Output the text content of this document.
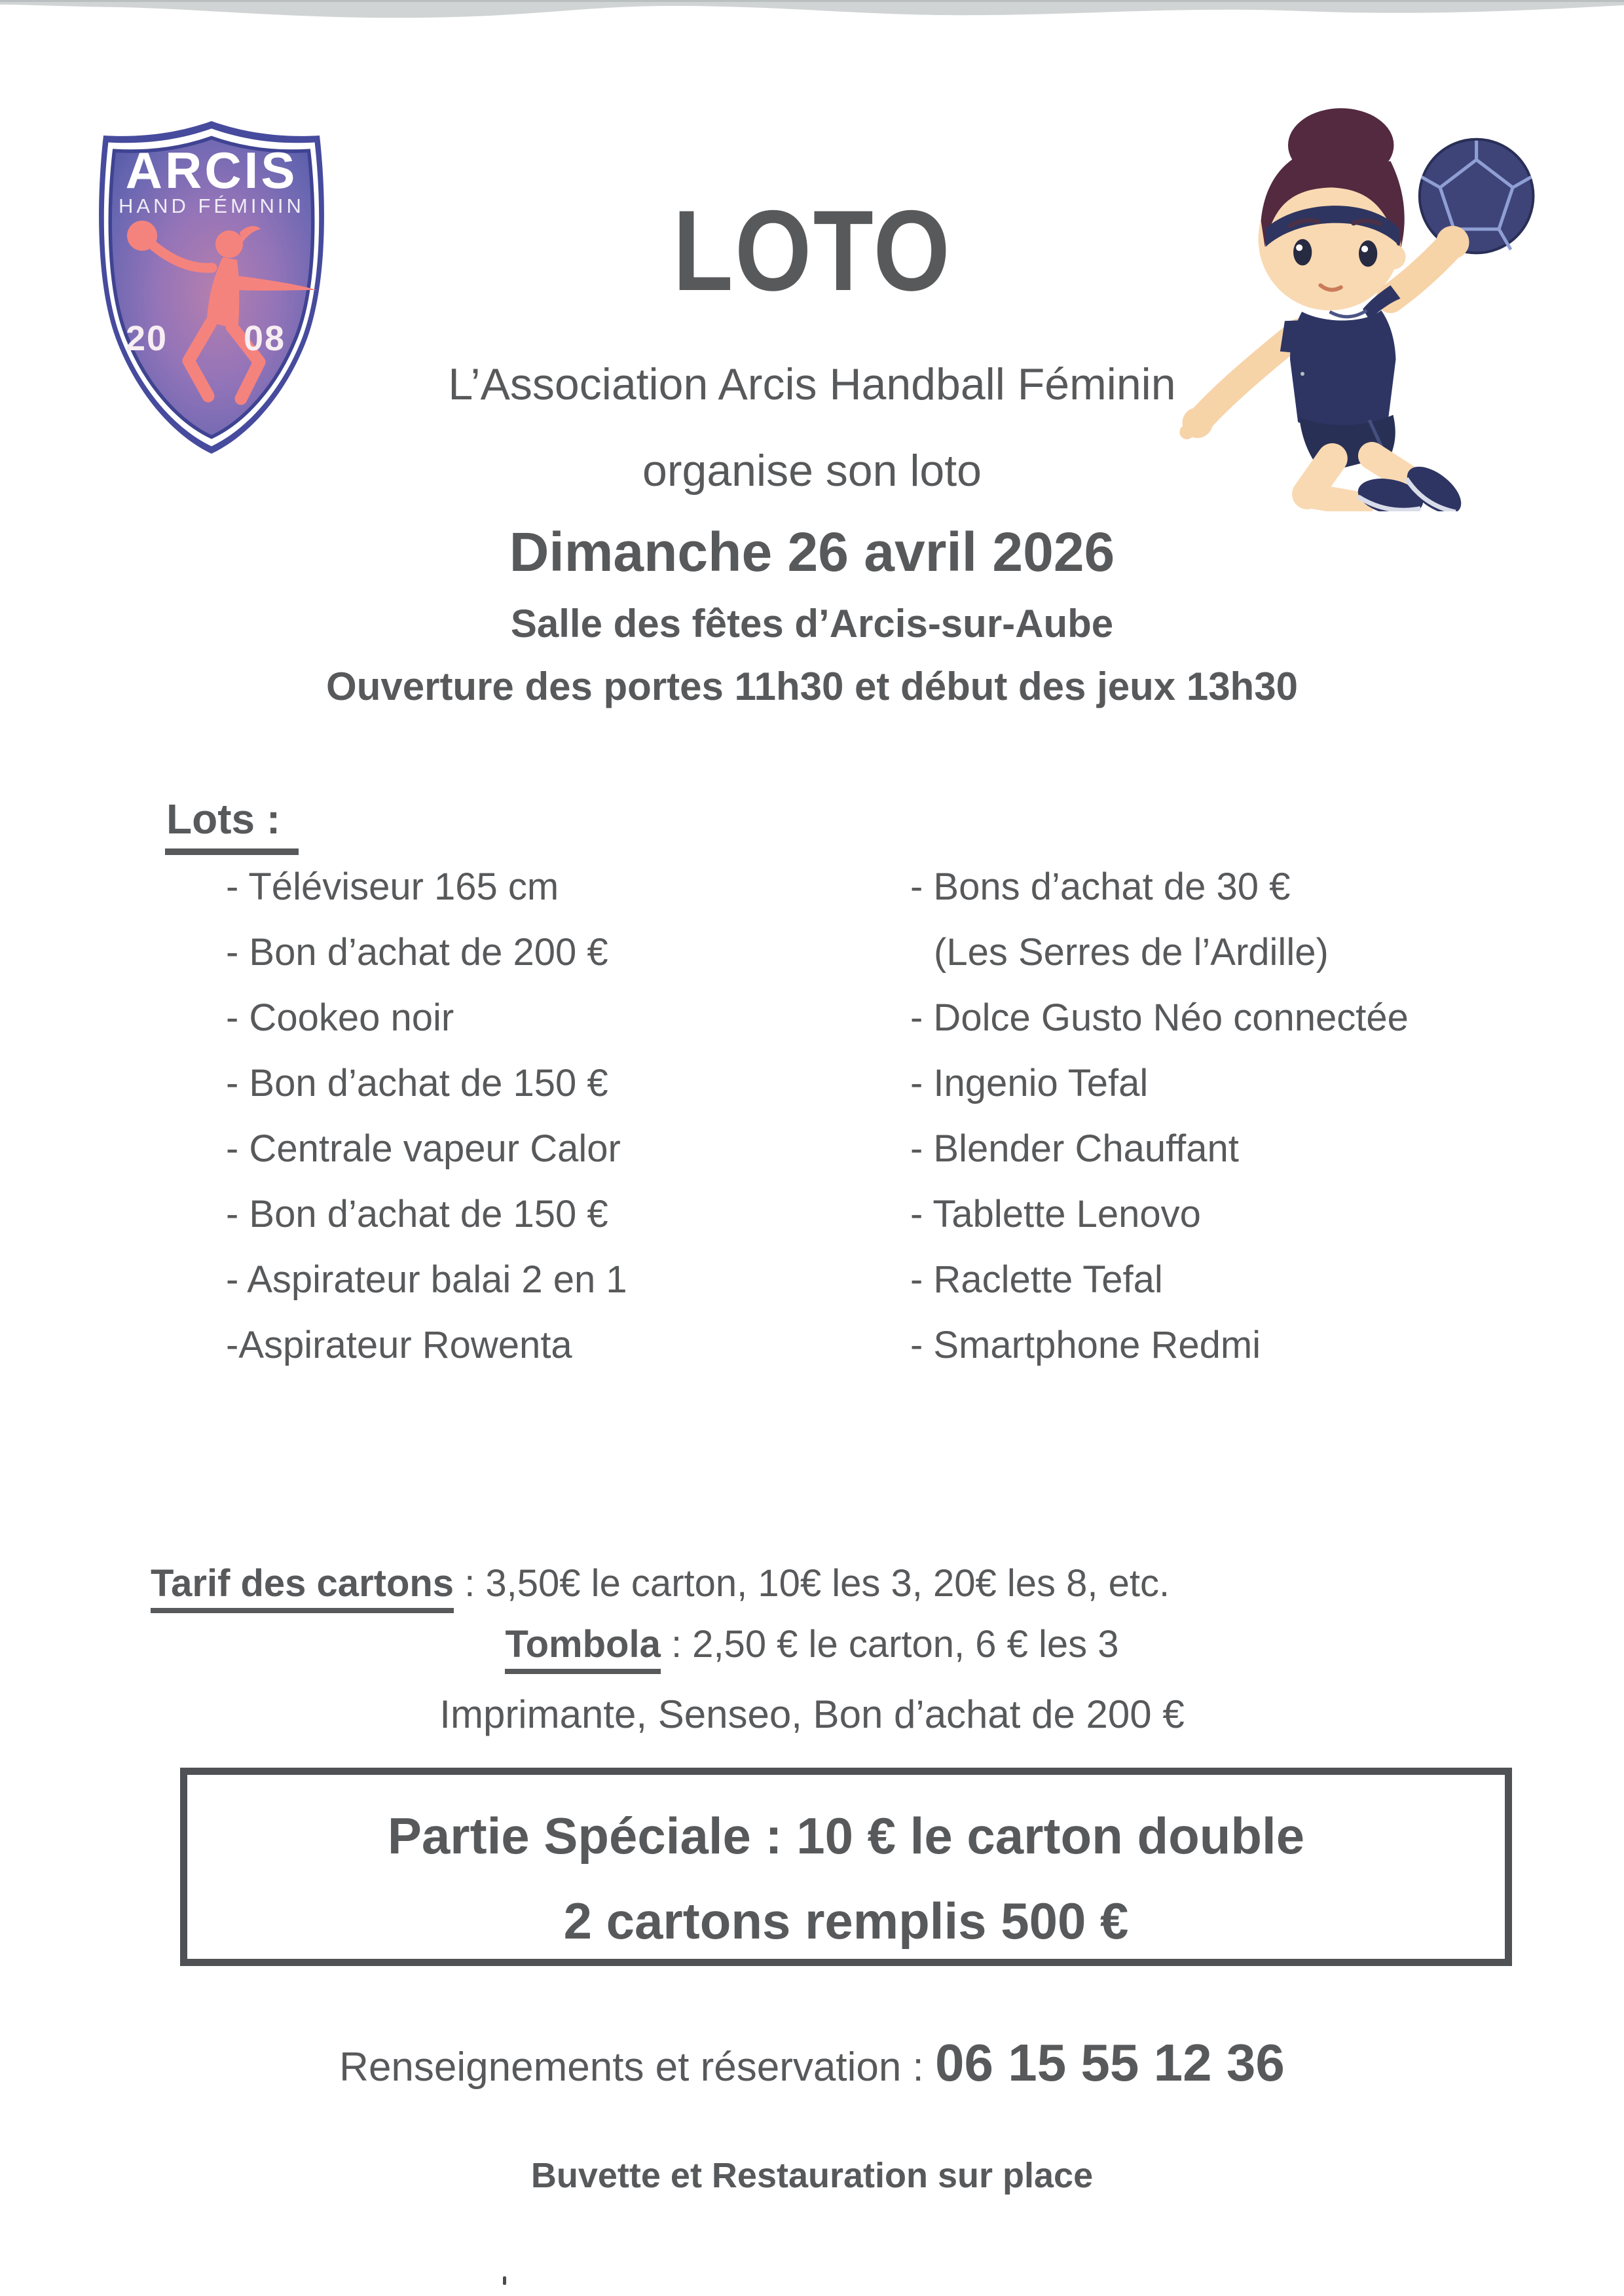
ARCIS
HAND FÉMININ
20 08
LOTO
L’Association Arcis Handball Féminin
organise son loto
Dimanche 26 avril 2026
Salle des fêtes d’Arcis-sur-Aube
Ouverture des portes 11h30 et début des jeux 13h30
Lots :
- Téléviseur 165 cm
- Bon d’achat de 200 €
- Cookeo noir
- Bon d’achat de 150 €
- Centrale vapeur Calor
- Bon d’achat de 150 €
- Aspirateur balai 2 en 1
-Aspirateur Rowenta
- Bons d’achat de 30 €
(Les Serres de l’Ardille)
- Dolce Gusto Néo connectée
- Ingenio Tefal
- Blender Chauffant
- Tablette Lenovo
- Raclette Tefal
- Smartphone Redmi
Tarif des cartons : 3,50€ le carton, 10€ les 3, 20€ les 8, etc.
Tombola : 2,50 € le carton, 6 € les 3
Imprimante, Senseo, Bon d’achat de 200 €
Partie Spéciale : 10 € le carton double
2 cartons remplis 500 €
Renseignements et réservation : 06 15 55 12 36
Buvette et Restauration sur place
